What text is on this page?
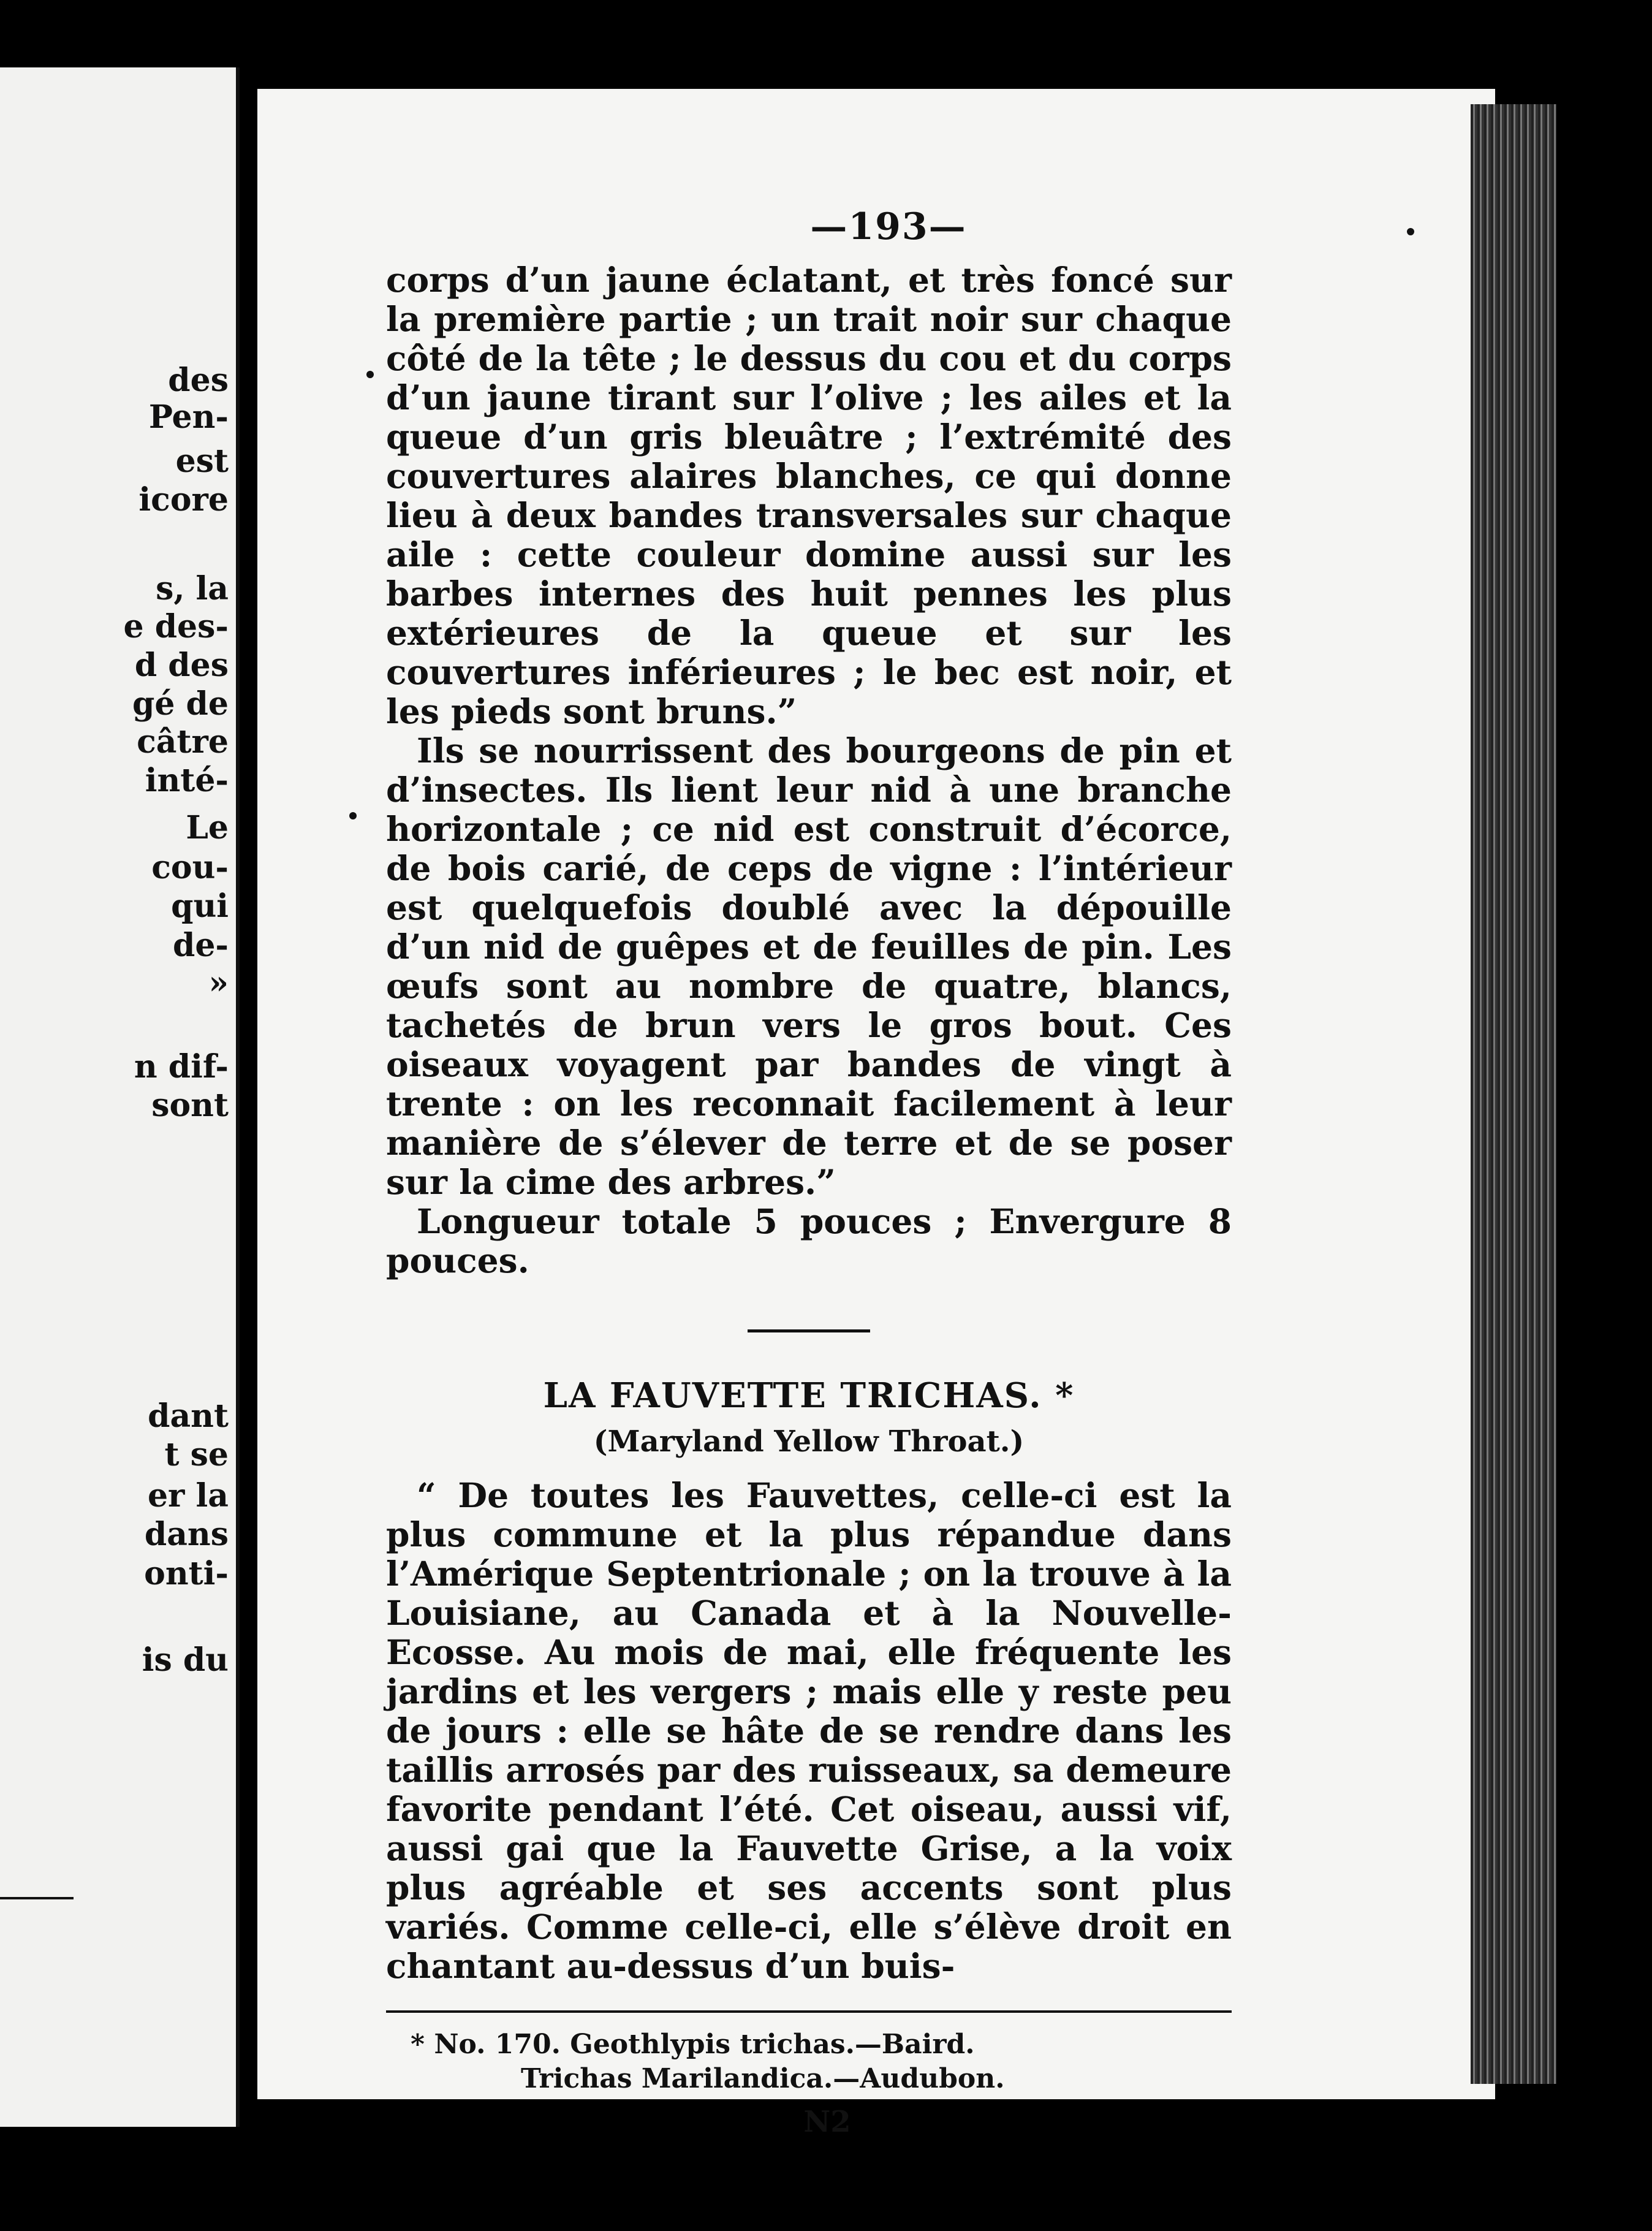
des
Pen-
est
icore
s, la
e des-
d des
gé de
câtre
inté-
Le
cou-
qui
de-
»
n dif-
sont
dant
t se
er la
dans
onti-
is du
—193—

corps d’un jaune éclatant, et très foncé sur la première partie ; un trait noir sur chaque côté de la tête ; le dessus du cou et du corps d’un jaune tirant sur l’olive ; les ailes et la queue d’un gris bleuâtre ; l’extrémité des couvertures alaires blanches, ce qui donne lieu à deux bandes transversales sur chaque aile : cette couleur domine aussi sur les barbes internes des huit pennes les plus extérieures de la queue et sur les couvertures inférieures ; le bec est noir, et les pieds sont bruns.”

Ils se nourrissent des bourgeons de pin et d’insectes. Ils lient leur nid à une branche horizontale ; ce nid est construit d’écorce, de bois carié, de ceps de vigne : l’intérieur est quelquefois doublé avec la dépouille d’un nid de guêpes et de feuilles de pin. Les œufs sont au nombre de quatre, blancs, tachetés de brun vers le gros bout. Ces oiseaux voyagent par bandes de vingt à trente : on les reconnait facilement à leur manière de s’élever de terre et de se poser sur la cime des arbres.”

Longueur totale 5 pouces ; Envergure 8 pouces.

LA FAUVETTE TRICHAS. *
(Maryland Yellow Throat.)

“ De toutes les Fauvettes, celle-ci est la plus commune et la plus répandue dans l’Amérique Septentrionale ; on la trouve à la Louisiane, au Canada et à la Nouvelle-Ecosse. Au mois de mai, elle fréquente les jardins et les vergers ; mais elle y reste peu de jours : elle se hâte de se rendre dans les taillis arrosés par des ruisseaux, sa demeure favorite pendant l’été. Cet oiseau, aussi vif, aussi gai que la Fauvette Grise, a la voix plus agréable et ses accents sont plus variés. Comme celle-ci, elle s’élève droit en chantant au-dessus d’un buis-

* No. 170. Geothlypis trichas.—Baird.

Trichas Marilandica.—Audubon.

N2
